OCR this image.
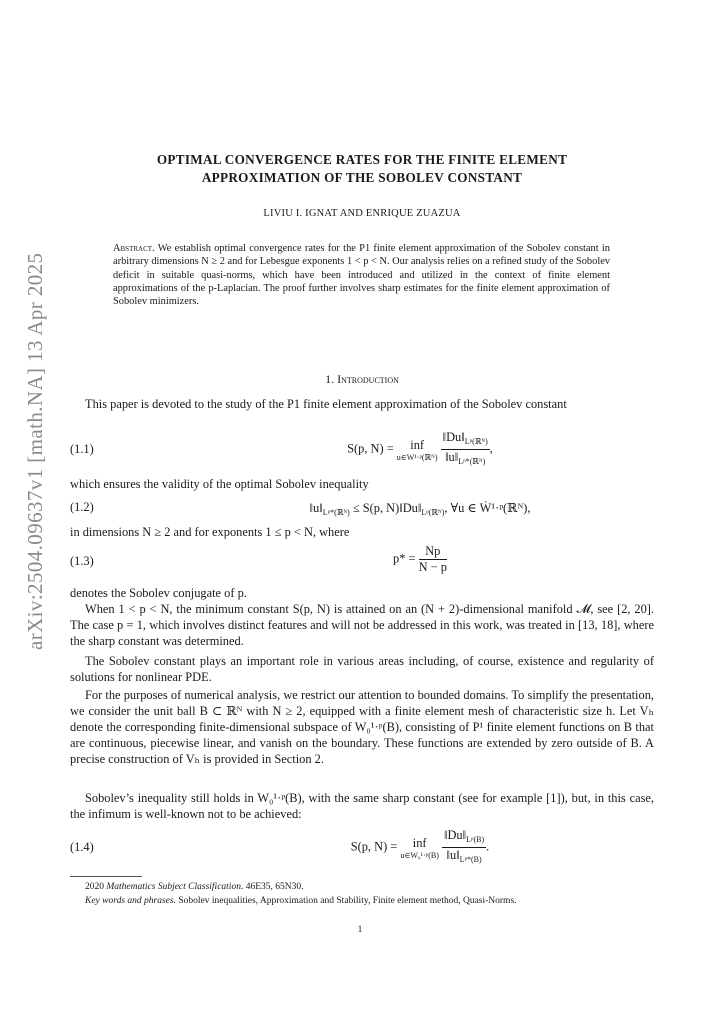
arXiv:2504.09637v1 [math.NA] 13 Apr 2025
OPTIMAL CONVERGENCE RATES FOR THE FINITE ELEMENT
APPROXIMATION OF THE SOBOLEV CONSTANT
LIVIU I. IGNAT AND ENRIQUE ZUAZUA
Abstract. We establish optimal convergence rates for the P1 finite element approximation of the Sobolev constant in arbitrary dimensions N ≥ 2 and for Lebesgue exponents 1 < p < N. Our analysis relies on a refined study of the Sobolev deficit in suitable quasi-norms, which have been introduced and utilized in the context of finite element approximations of the p-Laplacian. The proof further involves sharp estimates for the finite element approximation of Sobolev minimizers.
1. Introduction
This paper is devoted to the study of the P1 finite element approximation of the Sobolev constant
(1.1)	S(p, N) = inf
u∈W¹·ᵖ(ℝᴺ)
$\frac{‖Du‖_{Lᵖ(ℝᴺ)}}{‖u‖_{Lᵖ*(ℝᴺ)}}$ ,
which ensures the validity of the optimal Sobolev inequality
(1.2)	$‖u‖_{Lᵖ*(ℝᴺ)} \le S(p$, $N)‖Du‖_{Lᵖ(ℝᴺ)}$, ∀u ∈ Ẇ¹·ᵖ(ℝᴺ),
in dimensions N ≥ 2 and for exponents 1 ≤ p < N, where
(1.3)	$p* = \frac{Np}{N - p}$
denotes the Sobolev conjugate of p.
When 1 < p < N, the minimum constant S(p, N) is attained on an (N + 2)-dimensional manifold 𝓜, see [2, 20]. The case p = 1, which involves distinct features and will not be addressed in this work, was treated in [13, 18], where the sharp constant was determined.
The Sobolev constant plays an important role in various areas including, of course, existence and regularity of solutions for nonlinear PDE.
For the purposes of numerical analysis, we restrict our attention to bounded domains. To simplify the presentation, we consider the unit ball B ⊂ ℝᴺ with N ≥ 2, equipped with a finite element mesh of characteristic size h. Let Vₕ denote the corresponding finite-dimensional subspace of W₀¹·ᵖ(B), consisting of P¹ finite element functions on B that are continuous, piecewise linear, and vanish on the boundary. These functions are extended by zero outside of B. A precise construction of Vₕ is provided in Section 2.
Sobolev’s inequality still holds in W₀¹·ᵖ(B), with the same sharp constant (see for example [1]), but, in this case, the infimum is well-known not to be achieved:
(1.4)	S(p, N) = inf
u∈W₀¹·ᵖ(B)
$\frac{‖Du‖_{Lᵖ(B)}}{‖u‖_{Lᵖ*(B)}}$ .
2020 Mathematics Subject Classification. 46E35, 65N30.
Key words and phrases. Sobolev inequalities, Approximation and Stability, Finite element method, Quasi-Norms.
1
